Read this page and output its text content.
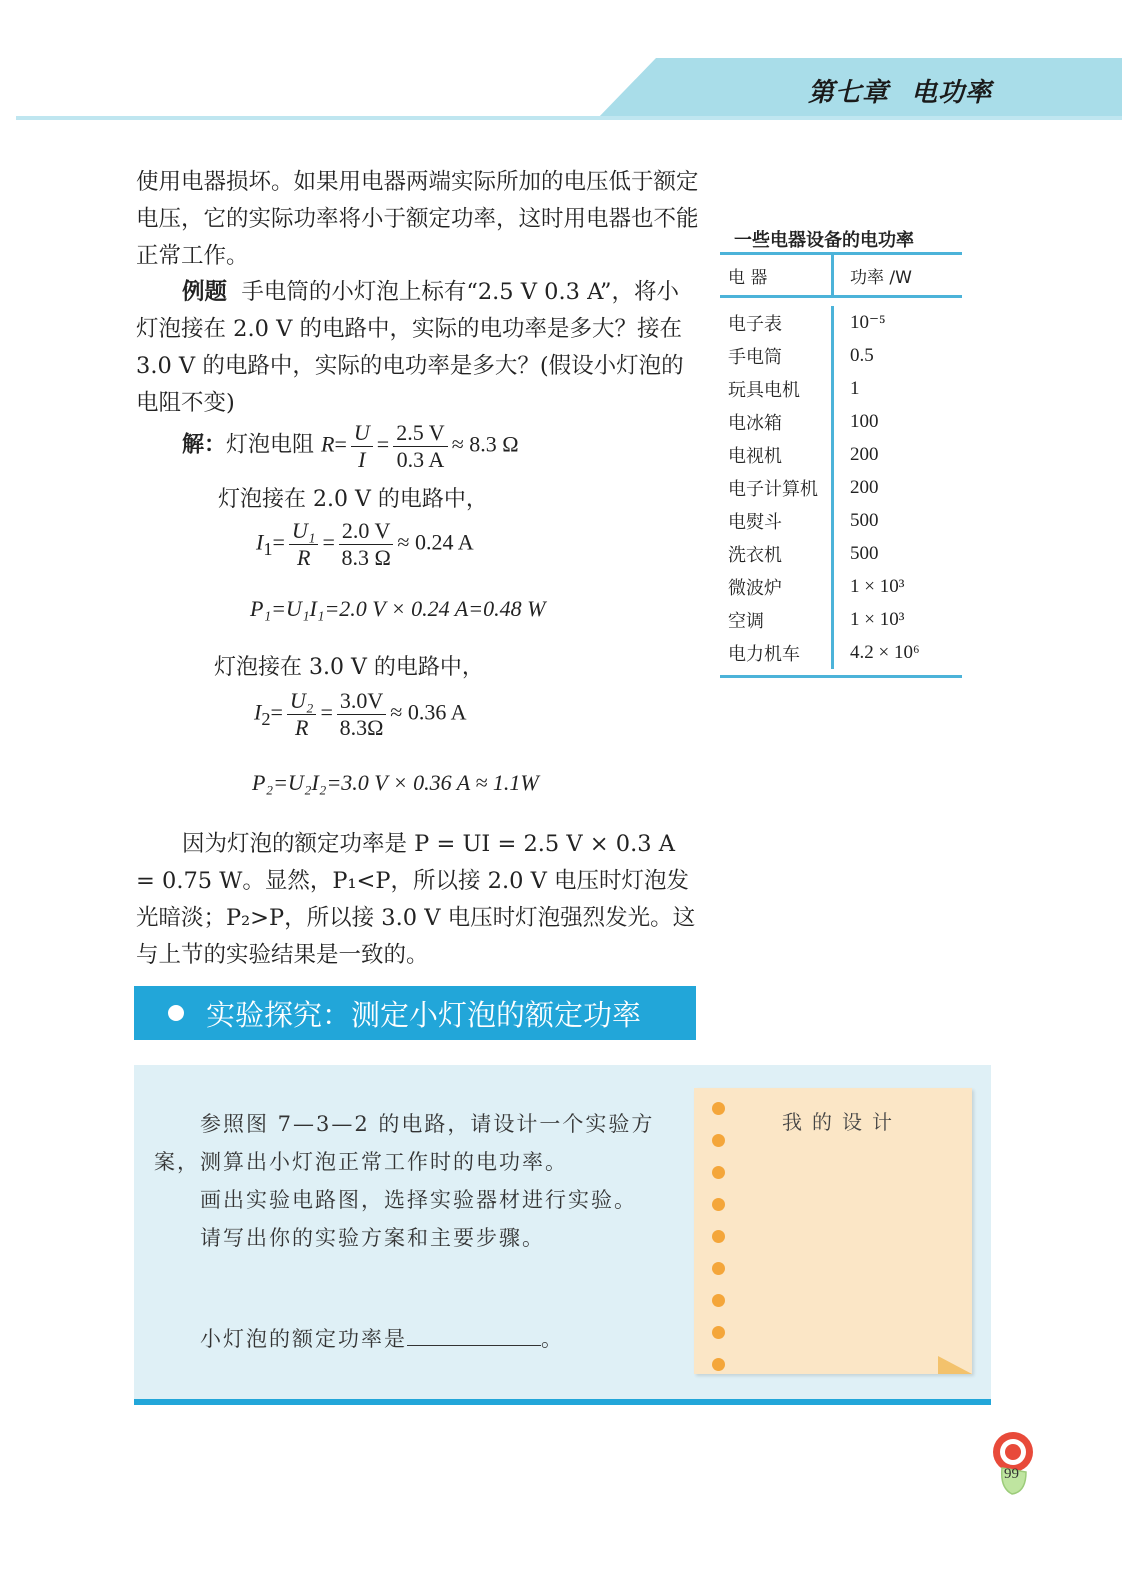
第七章 电功率
使用电器损坏。如果用电器两端实际所加的电压低于额定电压，它的实际功率将小于额定功率，这时用电器也不能正常工作。
例题 手电筒的小灯泡上标有“2.5 V 0.3 A”，将小灯泡接在 2.0 V 的电路中，实际的电功率是多大？接在 3.0 V 的电路中，实际的电功率是多大？(假设小灯泡的电阻不变)
解：灯泡电阻 $R= \frac{U}{I} = \frac{2.5 V}{0.3 A} \approx 8.3$ Ω
灯泡接在 2.0 V 的电路中，
$I_1= \frac{\text{U₁}}{R} = \frac{2.0 V}{8.3 \Omega} \approx 0.24$ A
P₁=U₁I₁=2.0 V × 0.24 A=0.48 W
灯泡接在 3.0 V 的电路中，
$I_2= \frac{\text{U₂}}{R} = \frac{3.0V}{8.3\Omega} \approx 0.36$ A
P₂=U₂I₂=3.0 V × 0.36 A ≈ 1.1W
因为灯泡的额定功率是 P = UI = 2.5 V × 0.3 A = 0.75 W。显然，P₁<P，所以接 2.0 V 电压时灯泡发光暗淡；P₂>P，所以接 3.0 V 电压时灯泡强烈发光。这与上节的实验结果是一致的。
一些电器设备的电功率
电 器	功率 /W
电子表	10⁻⁵
手电筒	0.5
玩具电机	1
电冰箱	100
电视机	200
电子计算机	200
电熨斗	500
洗衣机	500
微波炉	1 × 10³
空调	1 × 10³
电力机车	4.2 × 10⁶
实验探究：测定小灯泡的额定功率

参照图 7—3—2 的电路，请设计一个实验方案，测算出小灯泡正常工作时的电功率。

画出实验电路图，选择实验器材进行实验。

请写出你的实验方案和主要步骤。

小灯泡的额定功率是	。
我的设计
99
